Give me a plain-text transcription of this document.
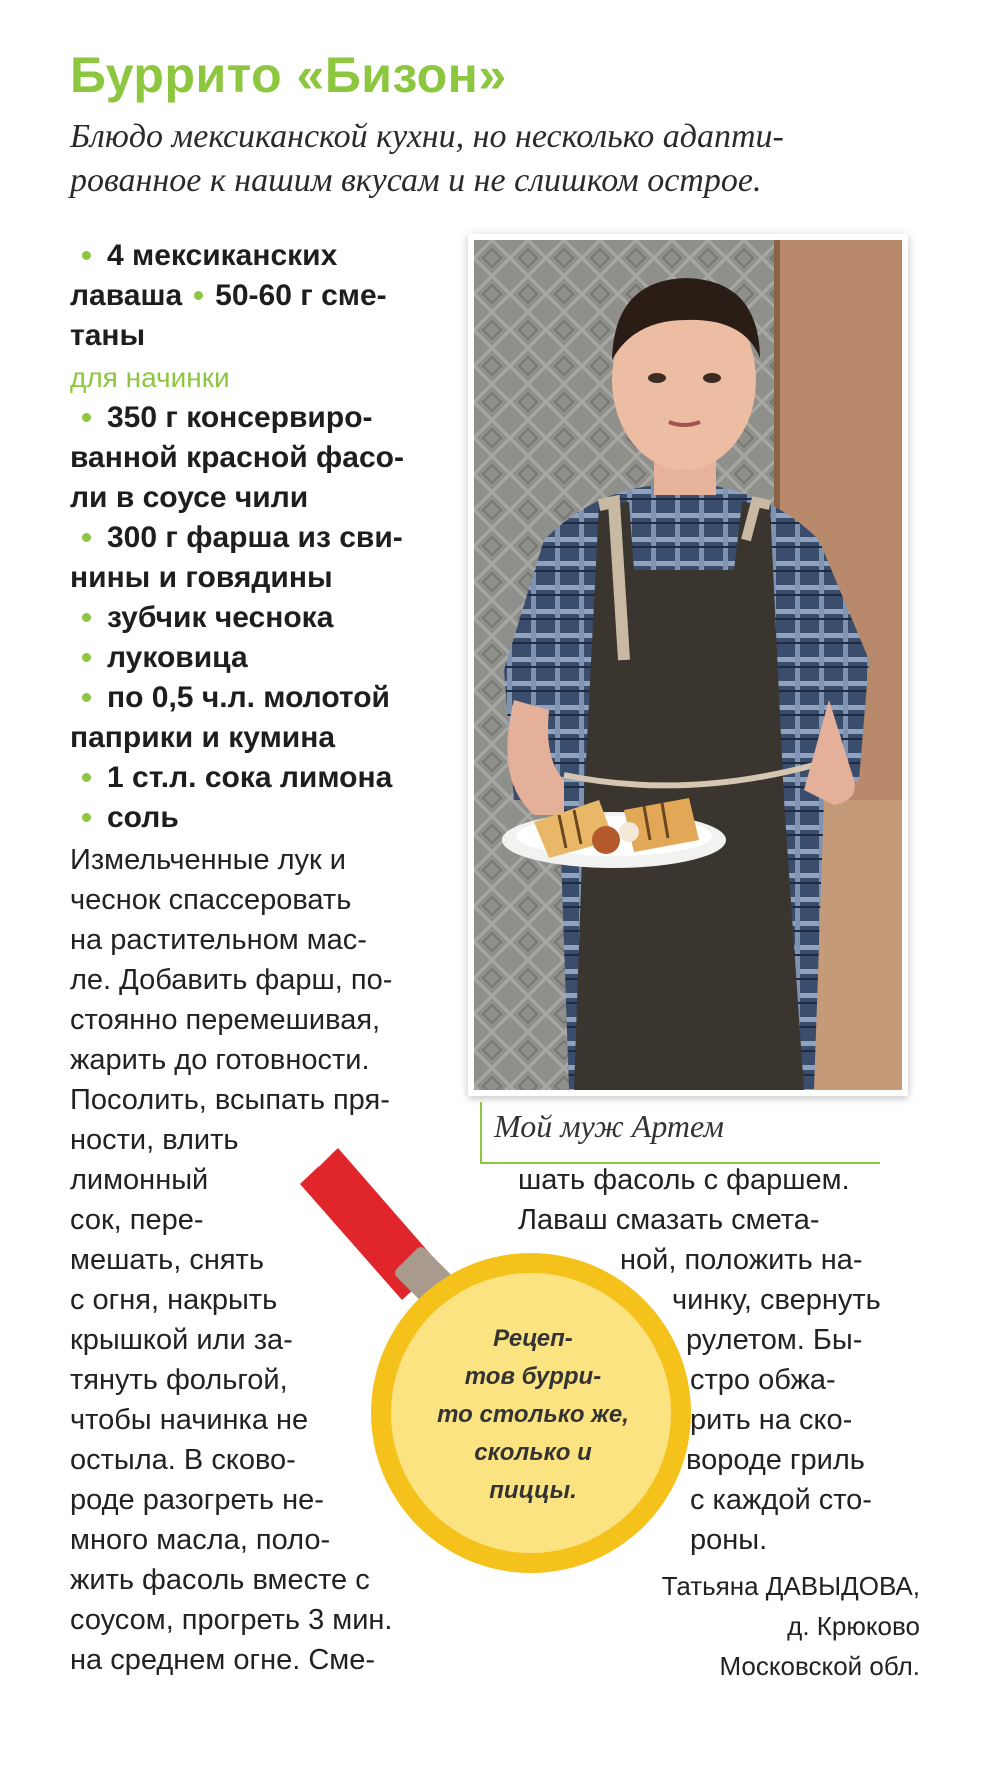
Буррито «Бизон»
Блюдо мексиканской кухни, но несколько адапти-
рованное к нашим вкусам и не слишком острое.
4 мексиканских
лаваша 50-60 г сме-
таны
для начинки
350 г консервиро-
ванной красной фасо-
ли в соусе чили
300 г фарша из сви-
нины и говядины
зубчик чеснока
луковица
по 0,5 ч.л. молотой
паприки и кумина
1 ст.л. сока лимона
соль
Мой муж Артем
Измельченные лук и
чеснок спассеровать
на растительном мас-
ле. Добавить фарш, по-
стоянно перемешивая,
жарить до готовности.
Посолить, всыпать пря-
ности, влить
лимонный
сок, пере-
мешать, снять
с огня, накрыть
крышкой или за-
тянуть фольгой,
чтобы начинка не
остыла. В сково-
роде разогреть не-
много масла, поло-
жить фасоль вместе с
соусом, прогреть 3 мин.
на среднем огне. Сме-
Рецеп-
тов бурри-
то столько же,
сколько и
пиццы.
шать фасоль с фаршем.
Лаваш смазать смета-
ной, положить на-
чинку, свернуть
рулетом. Бы-
стро обжа-
рить на ско-
вороде гриль
с каждой сто-
роны.
Татьяна ДАВЫДОВА,
д. Крюково
Московской обл.
